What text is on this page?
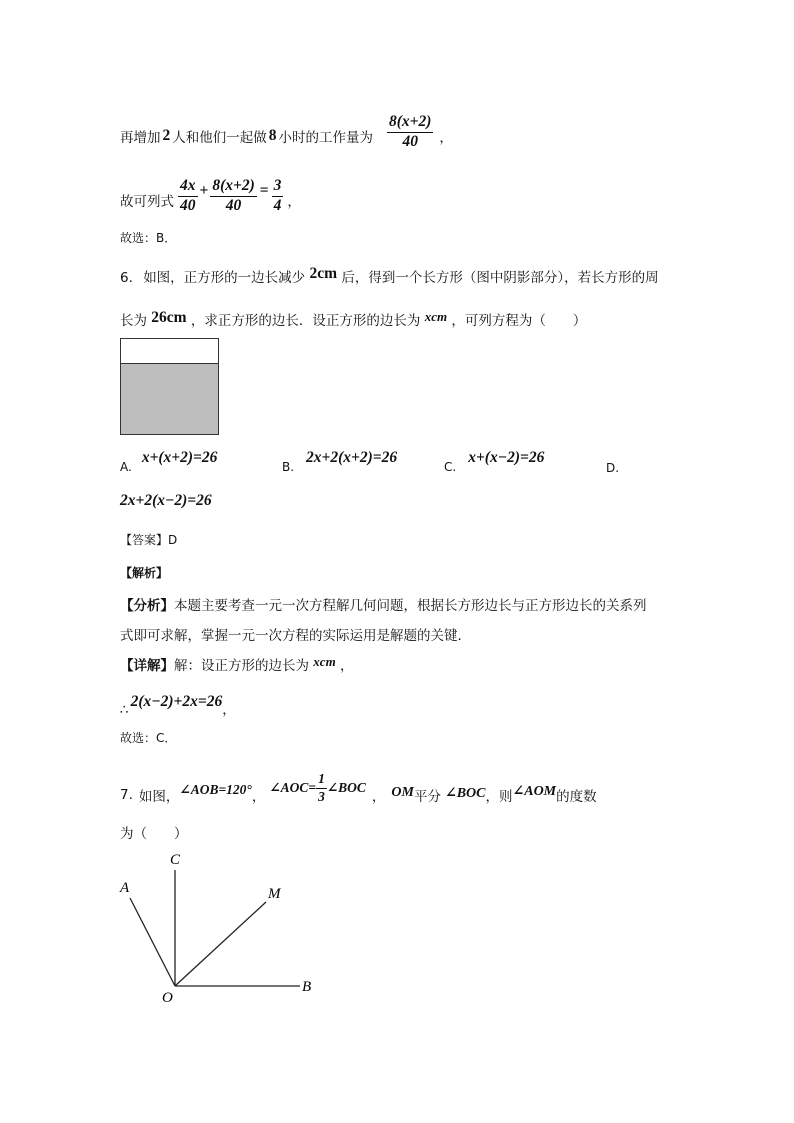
再增加 2 人和他们一起做 8 小时的工作量为 $\frac{8(x+2)}{40}$ ，
故可列式 $\frac{4x}{40} + \frac{8(x+2)}{40} = \frac{3}{4}$ ，
故选：B．
6. 如图，正方形的一边长减少 2cm 后，得到一个长方形（图中阴影部分），若长方形的周
长为 26cm ，求正方形的边长．设正方形的边长为 xcm ，可列方程为（　　）
A.
x+(x+2)=26
B.
2x+2(x+2)=26
C.
x+(x−2)=26
D.
2x+2(x−2)=26
【答案】D
【解析】
【分析】本题主要考查一元一次方程解几何问题，根据长方形边长与正方形边长的关系列
式即可求解，掌握一元一次方程的实际运用是解题的关键．
【详解】解：设正方形的边长为 xcm ，
∴ 2(x−2)+2x=26 ，
故选：C．
7. 如图， ∠AOB=120° ，
∠AOC= $\frac{1}{3}$ ∠BOC
， OM 平分 ∠BOC ，则 ∠AOM 的度数
为（　　）
A
C
M
O
B
